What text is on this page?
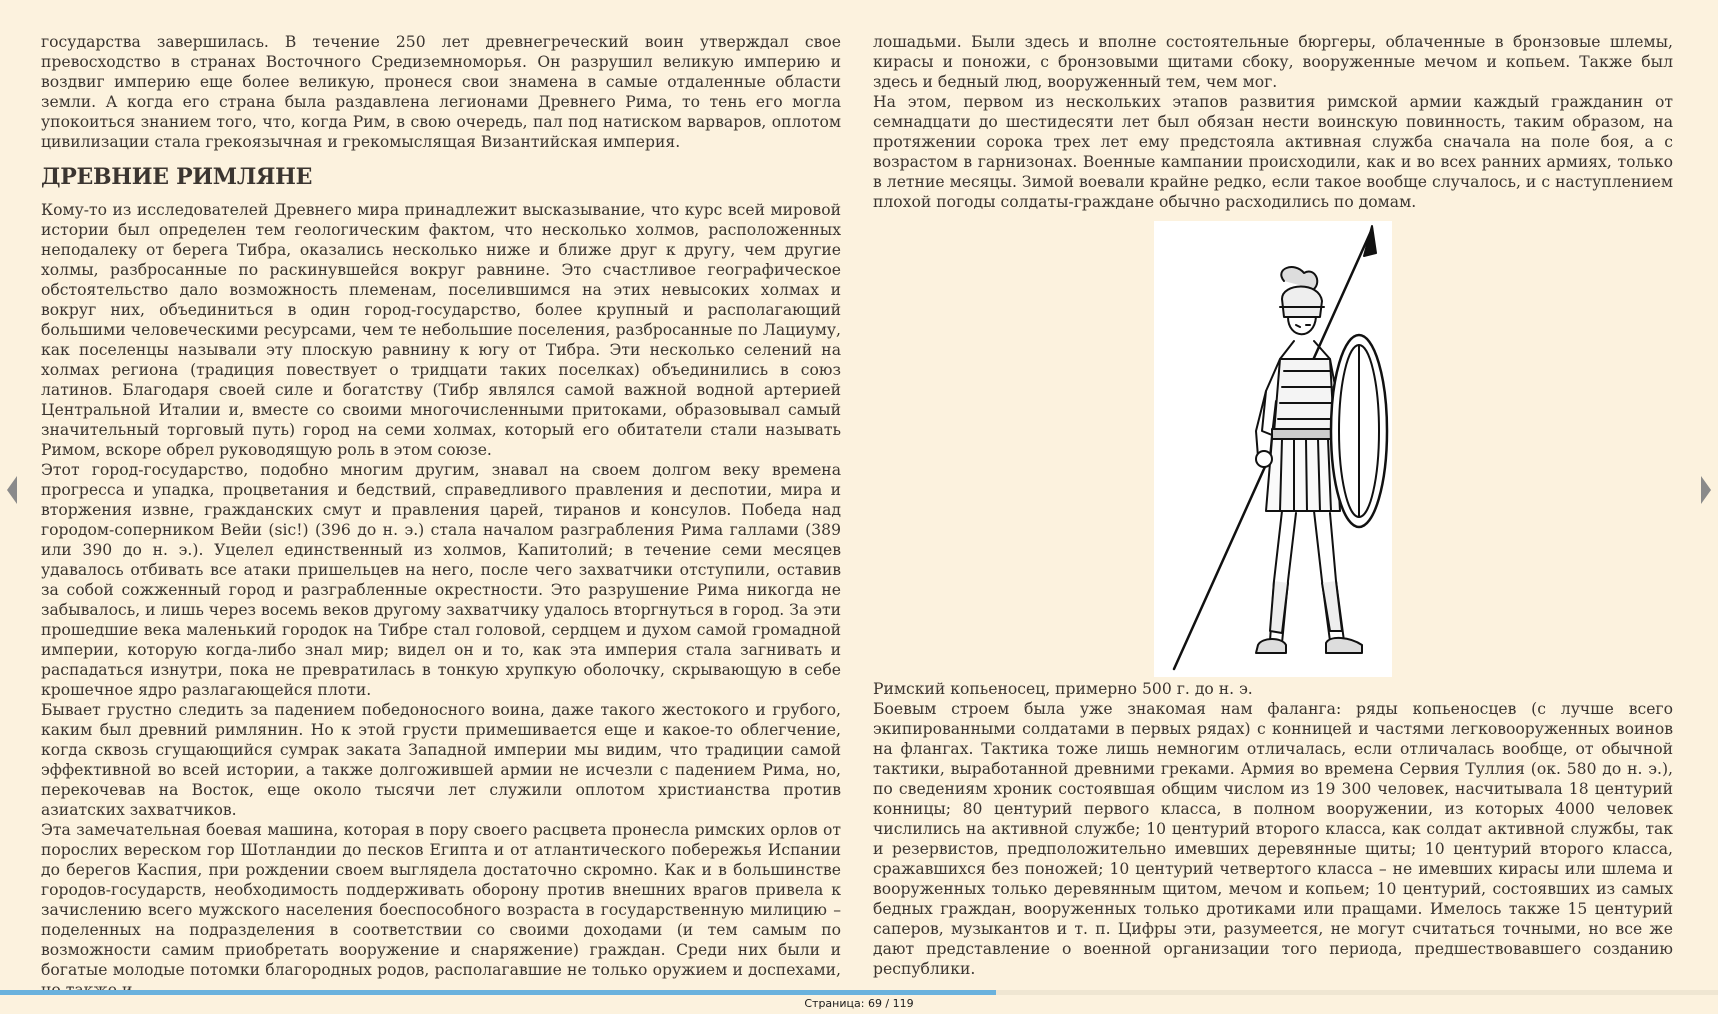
государства завершилась. В течение 250 лет древнегреческий воин утверждал свое превосходство в странах Восточного Средиземноморья. Он разрушил великую империю и воздвиг империю еще более великую, пронеся свои знамена в самые отдаленные области земли. А когда его страна была раздавлена легионами Древнего Рима, то тень его могла упокоиться знанием того, что, когда Рим, в свою очередь, пал под натиском варваров, оплотом цивилизации стала грекоязычная и грекомыслящая Византийская империя.

ДРЕВНИЕ РИМЛЯНЕ

Кому-то из исследователей Древнего мира принадлежит высказывание, что курс всей мировой истории был определен тем геологическим фактом, что несколько холмов, расположенных неподалеку от берега Тибра, оказались несколько ниже и ближе друг к другу, чем другие холмы, разбросанные по раскинувшейся вокруг равнине. Это счастливое географическое обстоятельство дало возможность племенам, поселившимся на этих невысоких холмах и вокруг них, объединиться в один город-государство, более крупный и располагающий большими человеческими ресурсами, чем те небольшие поселения, разбросанные по Лациуму, как поселенцы называли эту плоскую равнину к югу от Тибра. Эти несколько селений на холмах региона (традиция повествует о тридцати таких поселках) объединились в союз латинов. Благодаря своей силе и богатству (Тибр являлся самой важной водной артерией Центральной Италии и, вместе со своими многочисленными притоками, образовывал самый значительный торговый путь) город на семи холмах, который его обитатели стали называть Римом, вскоре обрел руководящую роль в этом союзе.

Этот город-государство, подобно многим другим, знавал на своем долгом веку времена прогресса и упадка, процветания и бедствий, справедливого правления и деспотии, мира и вторжения извне, гражданских смут и правления царей, тиранов и консулов. Победа над городом-соперником Вейи (sic!) (396 до н. э.) стала началом разграбления Рима галлами (389 или 390 до н. э.). Уцелел единственный из холмов, Капитолий; в течение семи месяцев удавалось отбивать все атаки пришельцев на него, после чего захватчики отступили, оставив за собой сожженный город и разграбленные окрестности. Это разрушение Рима никогда не забывалось, и лишь через восемь веков другому захватчику удалось вторгнуться в город. За эти прошедшие века маленький городок на Тибре стал головой, сердцем и духом самой громадной империи, которую когда-либо знал мир; видел он и то, как эта империя стала загнивать и распадаться изнутри, пока не превратилась в тонкую хрупкую оболочку, скрывающую в себе крошечное ядро разлагающейся плоти.

Бывает грустно следить за падением победоносного воина, даже такого жестокого и грубого, каким был древний римлянин. Но к этой грусти примешивается еще и какое-то облегчение, когда сквозь сгущающийся сумрак заката Западной империи мы видим, что традиции самой эффективной во всей истории, а также долгожившей армии не исчезли с падением Рима, но, перекочевав на Восток, еще около тысячи лет служили оплотом христианства против азиатских захватчиков.

Эта замечательная боевая машина, которая в пору своего расцвета пронесла римских орлов от порослих вереском гор Шотландии до песков Египта и от атлантического побережья Испании до берегов Каспия, при рождении своем выглядела достаточно скромно. Как и в большинстве городов-государств, необходимость поддерживать оборону против внешних врагов привела к зачислению всего мужского населения боеспособного возраста в государственную милицию – поделенных на подразделения в соответствии со своими доходами (и тем самым по возможности самим приобретать вооружение и снаряжение) граждан. Среди них были и богатые молодые потомки благородных родов, располагавшие не только оружием и доспехами,

лошадьми. Были здесь и вполне состоятельные бюргеры, облаченные в бронзовые шлемы, кирасы и поножи, с бронзовыми щитами сбоку, вооруженные мечом и копьем. Также был здесь и бедный люд, вооруженный тем, чем мог.

На этом, первом из нескольких этапов развития римской армии каждый гражданин от семнадцати до шестидесяти лет был обязан нести воинскую повинность, таким образом, на протяжении сорока трех лет ему предстояла активная служба сначала на поле боя, а с возрастом в гарнизонах. Военные кампании происходили, как и во всех ранних армиях, только в летние месяцы. Зимой воевали крайне редко, если такое вообще случалось, и с наступлением плохой погоды солдаты-граждане обычно расходились по домам.

Римский копьеносец, примерно 500 г. до н. э.

Боевым строем была уже знакомая нам фаланга: ряды копьеносцев (с лучше всего экипированными солдатами в первых рядах) с конницей и частями легковооруженных воинов на флангах. Тактика тоже лишь немногим отличалась, если отличалась вообще, от обычной тактики, выработанной древними греками. Армия во времена Сервия Туллия (ок. 580 до н. э.), по сведениям хроник состоявшая общим числом из 19 300 человек, насчитывала 18 центурий конницы; 80 центурий первого класса, в полном вооружении, из которых 4000 человек числились на активной службе; 10 центурий второго класса, как солдат активной службы, так и резервистов, предположительно имевших деревянные щиты; 10 центурий второго класса, сражавшихся без поножей; 10 центурий четвертого класса – не имевших кирасы или шлема и вооруженных только деревянным щитом, мечом и копьем; 10 центурий, состоявших из самых бедных граждан, вооруженных только дротиками или пращами. Имелось также 15 центурий саперов, музыкантов и т. п. Цифры эти, разумеется, не могут считаться точными, но все же дают представление о военной организации того периода, предшествовавшего созданию республики.

Страница: 69 / 119
